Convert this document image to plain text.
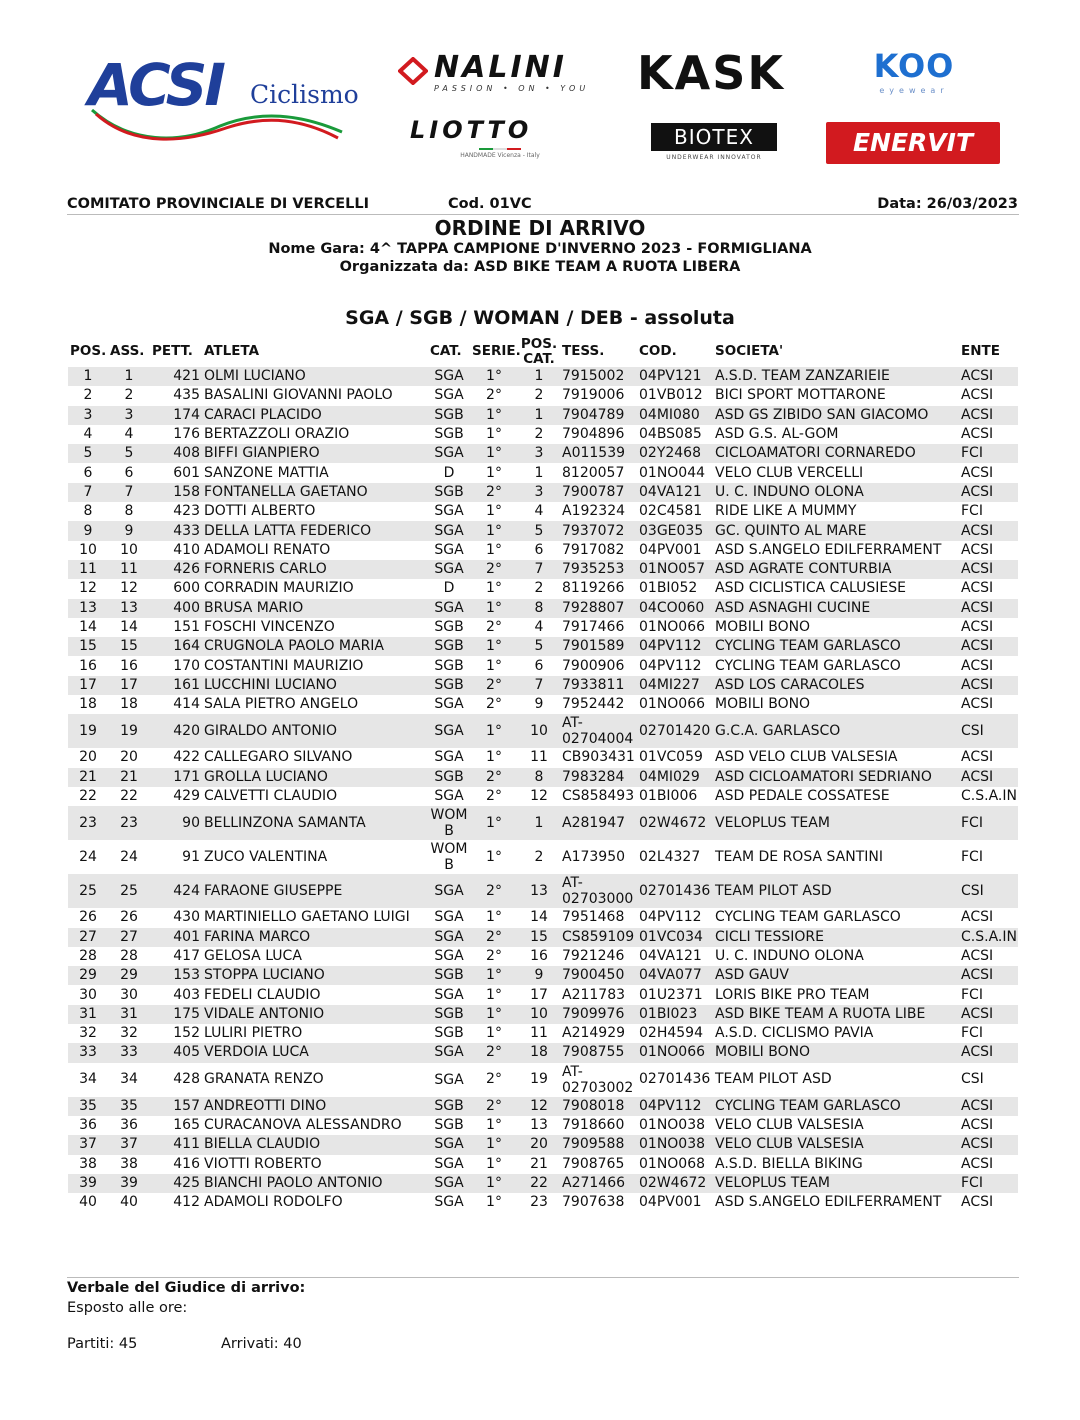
ACSI Ciclismo
NALINI
PASSION • ON • YOU KASK	KOO
eyewear
LIOTTO
HANDMADE Vicenza - Italy
BIOTEX
UNDERWEAR INNOVATOR
ENERVIT
COMITATO PROVINCIALE DI VERCELLI	Cod. 01VC	Data: 26/03/2023
ORDINE DI ARRIVO
Nome Gara: 4^ TAPPA CAMPIONE D'INVERNO 2023 - FORMIGLIANA
Organizzata da: ASD BIKE TEAM A RUOTA LIBERA
SGA / SGB / WOMAN / DEB - assoluta
POS.	ASS.	PETT.	ATLETA	CAT.	SERIE.	POS. CAT.	TESS.	COD.	SOCIETA'	ENTE
1	1	421	OLMI LUCIANO	SGA	1°	1	7915002	04PV121	A.S.D. TEAM ZANZARIEIE	ACSI
2	2	435	BASALINI GIOVANNI PAOLO	SGA	2°	2	7919006	01VB012	BICI SPORT MOTTARONE	ACSI
3	3	174	CARACI PLACIDO	SGB	1°	1	7904789	04MI080	ASD GS ZIBIDO SAN GIACOMO	ACSI
4	4	176	BERTAZZOLI ORAZIO	SGB	1°	2	7904896	04BS085	ASD G.S. AL-GOM	ACSI
5	5	408	BIFFI GIANPIERO	SGA	1°	3	A011539	02Y2468	CICLOAMATORI CORNAREDO	FCI
6	6	601	SANZONE MATTIA	D	1°	1	8120057	01NO044	VELO CLUB VERCELLI	ACSI
7	7	158	FONTANELLA GAETANO	SGB	2°	3	7900787	04VA121	U. C. INDUNO OLONA	ACSI
8	8	423	DOTTI ALBERTO	SGA	1°	4	A192324	02C4581	RIDE LIKE A MUMMY	FCI
9	9	433	DELLA LATTA FEDERICO	SGA	1°	5	7937072	03GE035	GC. QUINTO AL MARE	ACSI
10	10	410	ADAMOLI RENATO	SGA	1°	6	7917082	04PV001	ASD S.ANGELO EDILFERRAMENT	ACSI
11	11	426	FORNERIS CARLO	SGA	2°	7	7935253	01NO057	ASD AGRATE CONTURBIA	ACSI
12	12	600	CORRADIN MAURIZIO	D	1°	2	8119266	01BI052	ASD CICLISTICA CALUSIESE	ACSI
13	13	400	BRUSA MARIO	SGA	1°	8	7928807	04CO060	ASD ASNAGHI CUCINE	ACSI
14	14	151	FOSCHI VINCENZO	SGB	2°	4	7917466	01NO066	MOBILI BONO	ACSI
15	15	164	CRUGNOLA PAOLO MARIA	SGB	1°	5	7901589	04PV112	CYCLING TEAM GARLASCO	ACSI
16	16	170	COSTANTINI MAURIZIO	SGB	1°	6	7900906	04PV112	CYCLING TEAM GARLASCO	ACSI
17	17	161	LUCCHINI LUCIANO	SGB	2°	7	7933811	04MI227	ASD LOS CARACOLES	ACSI
18	18	414	SALA PIETRO ANGELO	SGA	2°	9	7952442	01NO066	MOBILI BONO	ACSI
19	19	420	GIRALDO ANTONIO	SGA	1°	10	AT-02704004	02701420	G.C.A. GARLASCO	CSI
20	20	422	CALLEGARO SILVANO	SGA	1°	11	CB903431	01VC059	ASD VELO CLUB VALSESIA	ACSI
21	21	171	GROLLA LUCIANO	SGB	2°	8	7983284	04MI029	ASD CICLOAMATORI SEDRIANO	ACSI
22	22	429	CALVETTI CLAUDIO	SGA	2°	12	CS858493	01BI006	ASD PEDALE COSSATESE	C.S.A.IN
23	23	90	BELLINZONA SAMANTA	WOMB	1°	1	A281947	02W4672	VELOPLUS TEAM	FCI
24	24	91	ZUCO VALENTINA	WOMB	1°	2	A173950	02L4327	TEAM DE ROSA SANTINI	FCI
25	25	424	FARAONE GIUSEPPE	SGA	2°	13	AT-02703000	02701436	TEAM PILOT ASD	CSI
26	26	430	MARTINIELLO GAETANO LUIGI	SGA	1°	14	7951468	04PV112	CYCLING TEAM GARLASCO	ACSI
27	27	401	FARINA MARCO	SGA	2°	15	CS859109	01VC034	CICLI TESSIORE	C.S.A.IN
28	28	417	GELOSA LUCA	SGA	2°	16	7921246	04VA121	U. C. INDUNO OLONA	ACSI
29	29	153	STOPPA LUCIANO	SGB	1°	9	7900450	04VA077	ASD GAUV	ACSI
30	30	403	FEDELI CLAUDIO	SGA	1°	17	A211783	01U2371	LORIS BIKE PRO TEAM	FCI
31	31	175	VIDALE ANTONIO	SGB	1°	10	7909976	01BI023	ASD BIKE TEAM A RUOTA LIBE	ACSI
32	32	152	LULIRI PIETRO	SGB	1°	11	A214929	02H4594	A.S.D. CICLISMO PAVIA	FCI
33	33	405	VERDOIA LUCA	SGA	2°	18	7908755	01NO066	MOBILI BONO	ACSI
34	34	428	GRANATA RENZO	SGA	2°	19	AT-02703002	02701436	TEAM PILOT ASD	CSI
35	35	157	ANDREOTTI DINO	SGB	2°	12	7908018	04PV112	CYCLING TEAM GARLASCO	ACSI
36	36	165	CURACANOVA ALESSANDRO	SGB	1°	13	7918660	01NO038	VELO CLUB VALSESIA	ACSI
37	37	411	BIELLA CLAUDIO	SGA	1°	20	7909588	01NO038	VELO CLUB VALSESIA	ACSI
38	38	416	VIOTTI ROBERTO	SGA	1°	21	7908765	01NO068	A.S.D. BIELLA BIKING	ACSI
39	39	425	BIANCHI PAOLO ANTONIO	SGA	1°	22	A271466	02W4672	VELOPLUS TEAM	FCI
40	40	412	ADAMOLI RODOLFO	SGA	1°	23	7907638	04PV001	ASD S.ANGELO EDILFERRAMENT	ACSI
Verbale del Giudice di arrivo:
Esposto alle ore:
Partiti: 45	Arrivati: 40
